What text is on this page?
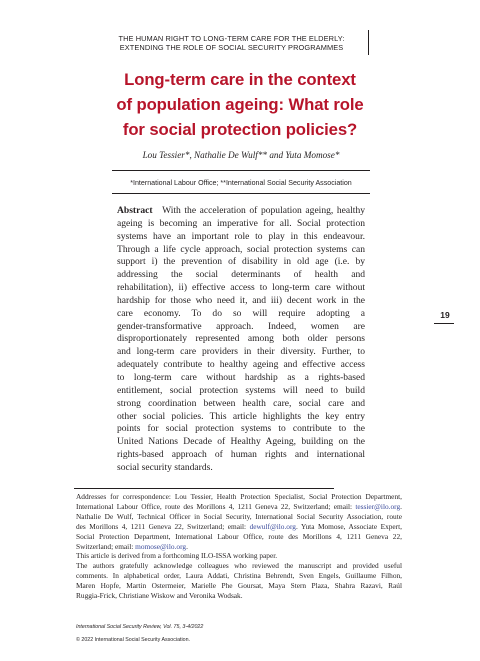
THE HUMAN RIGHT TO LONG-TERM CARE FOR THE ELDERLY:
EXTENDING THE ROLE OF SOCIAL SECURITY PROGRAMMES
Long-term care in the context
of population ageing: What role
for social protection policies?
Lou Tessier*, Nathalie De Wulf** and Yuta Momose*
*International Labour Office; **International Social Security Association
Abstract  With the acceleration of population ageing, healthy
ageing is becoming an imperative for all. Social protection
systems have an important role to play in this endeavour.
Through a life cycle approach, social protection systems can
support i) the prevention of disability in old age (i.e. by
addressing the social determinants of health and
rehabilitation), ii) effective access to long-term care without
hardship for those who need it, and iii) decent work in the
care economy. To do so will require adopting a
gender-transformative approach. Indeed, women are
disproportionately represented among both older persons
and long-term care providers in their diversity. Further, to
adequately contribute to healthy ageing and effective access
to long-term care without hardship as a rights-based
entitlement, social protection systems will need to build
strong coordination between health care, social care and
other social policies. This article highlights the key entry
points for social protection systems to contribute to the
United Nations Decade of Healthy Ageing, building on the
rights-based approach of human rights and international
social security standards.
19
Addresses for correspondence: Lou Tessier, Health Protection Specialist, Social Protection Department,
International Labour Office, route des Morillons 4, 1211 Geneva 22, Switzerland; email: tessier@ilo.org.
Nathalie De Wulf, Technical Officer in Social Security, International Social Security Association, route
des Morillons 4, 1211 Geneva 22, Switzerland; email: dewulf@ilo.org. Yuta Momose, Associate Expert,
Social Protection Department, International Labour Office, route des Morillons 4, 1211 Geneva 22,
Switzerland; email: momose@ilo.org.
This article is derived from a forthcoming ILO-ISSA working paper.
The authors gratefully acknowledge colleagues who reviewed the manuscript and provided useful
comments. In alphabetical order, Laura Addati, Christina Behrendt, Sven Engels, Guillaume Filhon,
Maren Hopfe, Martin Ostermeier, Marielle Phe Goursat, Maya Stern Plaza, Shahra Razavi, Raúl
Ruggia-Frick, Christiane Wiskow and Veronika Wodsak.
International Social Security Review, Vol. 75, 3-4/2022
© 2022 International Social Security Association.
